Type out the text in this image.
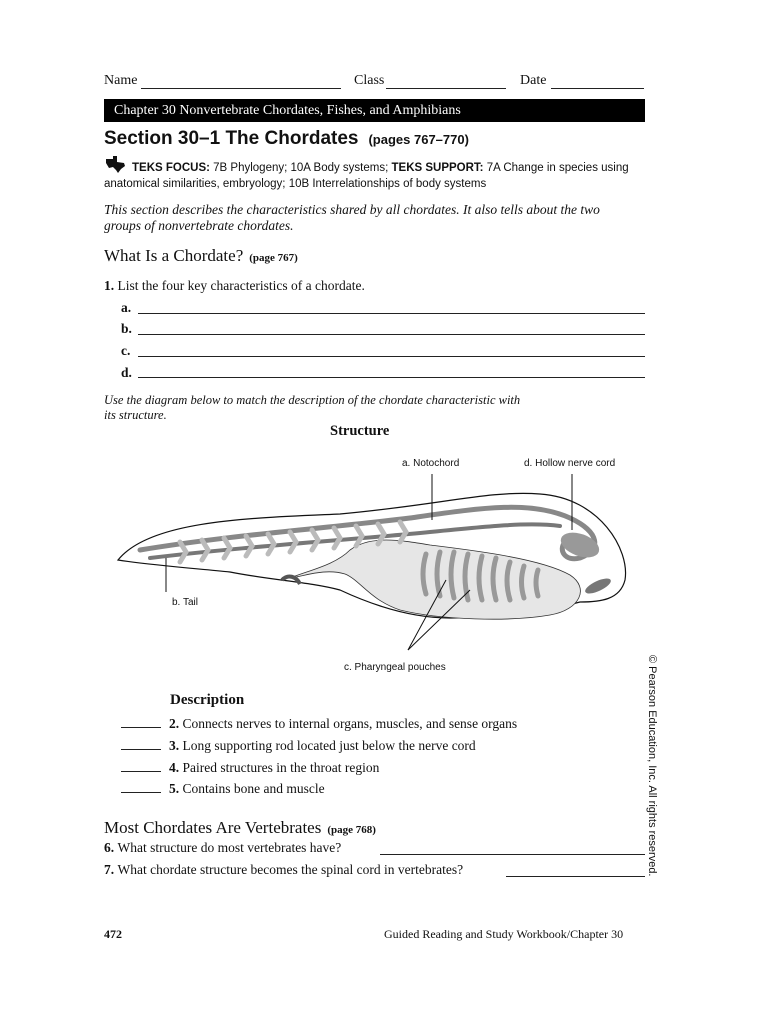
Name	Class	Date
Chapter 30 Nonvertebrate Chordates, Fishes, and Amphibians
Section 30–1 The Chordates (pages 767–770)
TEKS FOCUS: 7B Phylogeny; 10A Body systems; TEKS SUPPORT: 7A Change in species using anatomical similarities, embryology; 10B Interrelationships of body systems
This section describes the characteristics shared by all chordates. It also tells about the two groups of nonvertebrate chordates.
What Is a Chordate? (page 767)
1. List the four key characteristics of a chordate.
a.
b.
c.
d.
Use the diagram below to match the description of the chordate characteristic with its structure.
Structure
a. Notochord	d. Hollow nerve cord
b. Tail
c. Pharyngeal pouches
Description
2. Connects nerves to internal organs, muscles, and sense organs
3. Long supporting rod located just below the nerve cord
4. Paired structures in the throat region
5. Contains bone and muscle
Most Chordates Are Vertebrates (page 768)
6. What structure do most vertebrates have?
7. What chordate structure becomes the spinal cord in vertebrates?	© Pearson Education, Inc. All rights reserved.
472	Guided Reading and Study Workbook/Chapter 30
